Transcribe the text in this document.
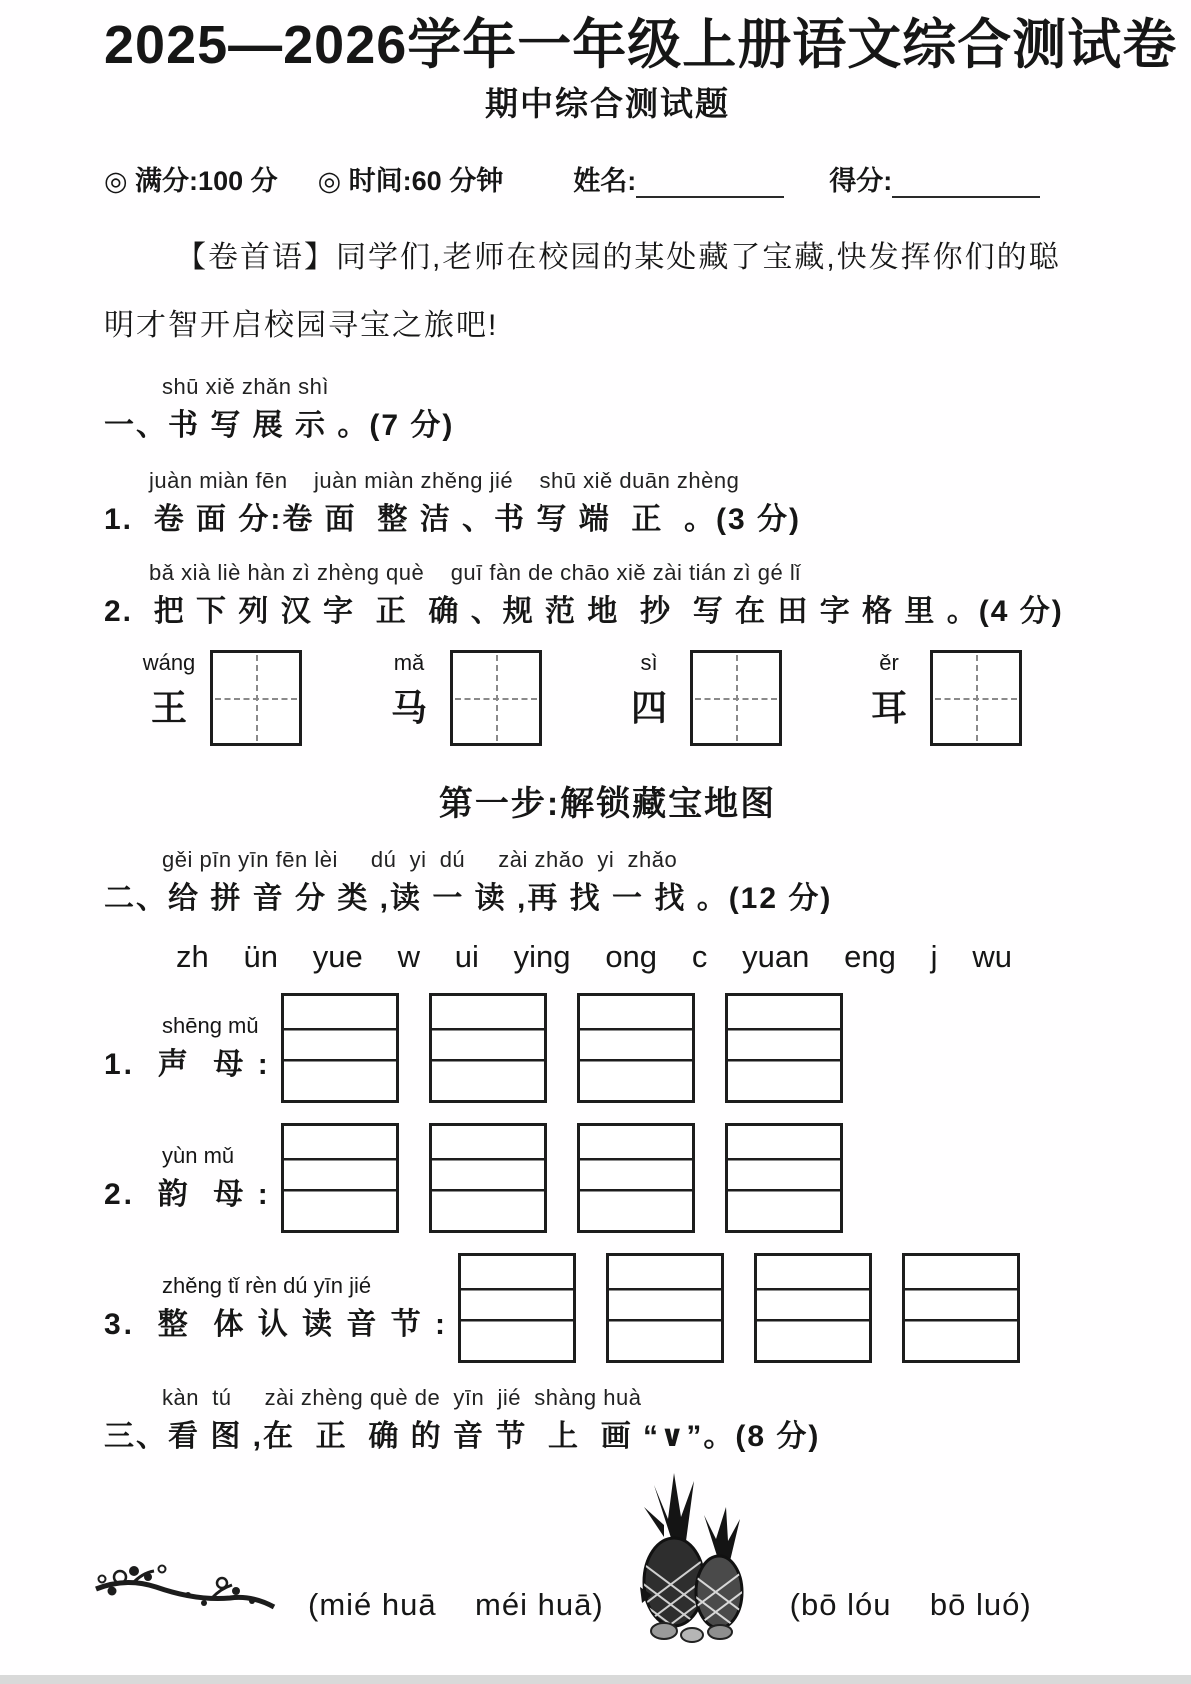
2025—2026学年一年级上册语文综合测试卷
期中综合测试题
◎ 满分:100 分 ◎ 时间:60 分钟	姓名:	得分:
【卷首语】同学们,老师在校园的某处藏了宝藏,快发挥你们的聪
明才智开启校园寻宝之旅吧!
shū xiě zhǎn shì
一、书 写 展 示 。(7 分)
juàn miàn fēn    juàn miàn zhěng jié    shū xiě duān zhèng
1.  卷 面 分:卷 面  整 洁 、书 写 端  正  。(3 分)
bǎ xià liè hàn zì zhèng què    guī fàn de chāo xiě zài tián zì gé lǐ
2.  把 下 列 汉 字  正  确 、规 范 地  抄  写 在 田 字 格 里 。(4 分)
wáng
王
mǎ
马
sì
四
ěr
耳
第一步:解锁藏宝地图
gěi pīn yīn fēn lèi     dú  yi  dú     zài zhǎo  yi  zhǎo
二、给 拼 音 分 类 ,读 一 读 ,再 找 一 找 。(12 分)
zh ün yue w ui ying ong c yuan eng j wu
shēng mǔ
1.  声  母 :
yùn mǔ
2.  韵  母 :
zhěng tǐ rèn dú yīn jié
3.  整  体 认 读 音 节 :
kàn  tú     zài zhèng què de  yīn  jié  shàng huà
三、看 图 ,在  正  确 的 音 节  上  画 “∨”。(8 分)
(mié huā    méi huā)	(bō lóu    bō luó)
